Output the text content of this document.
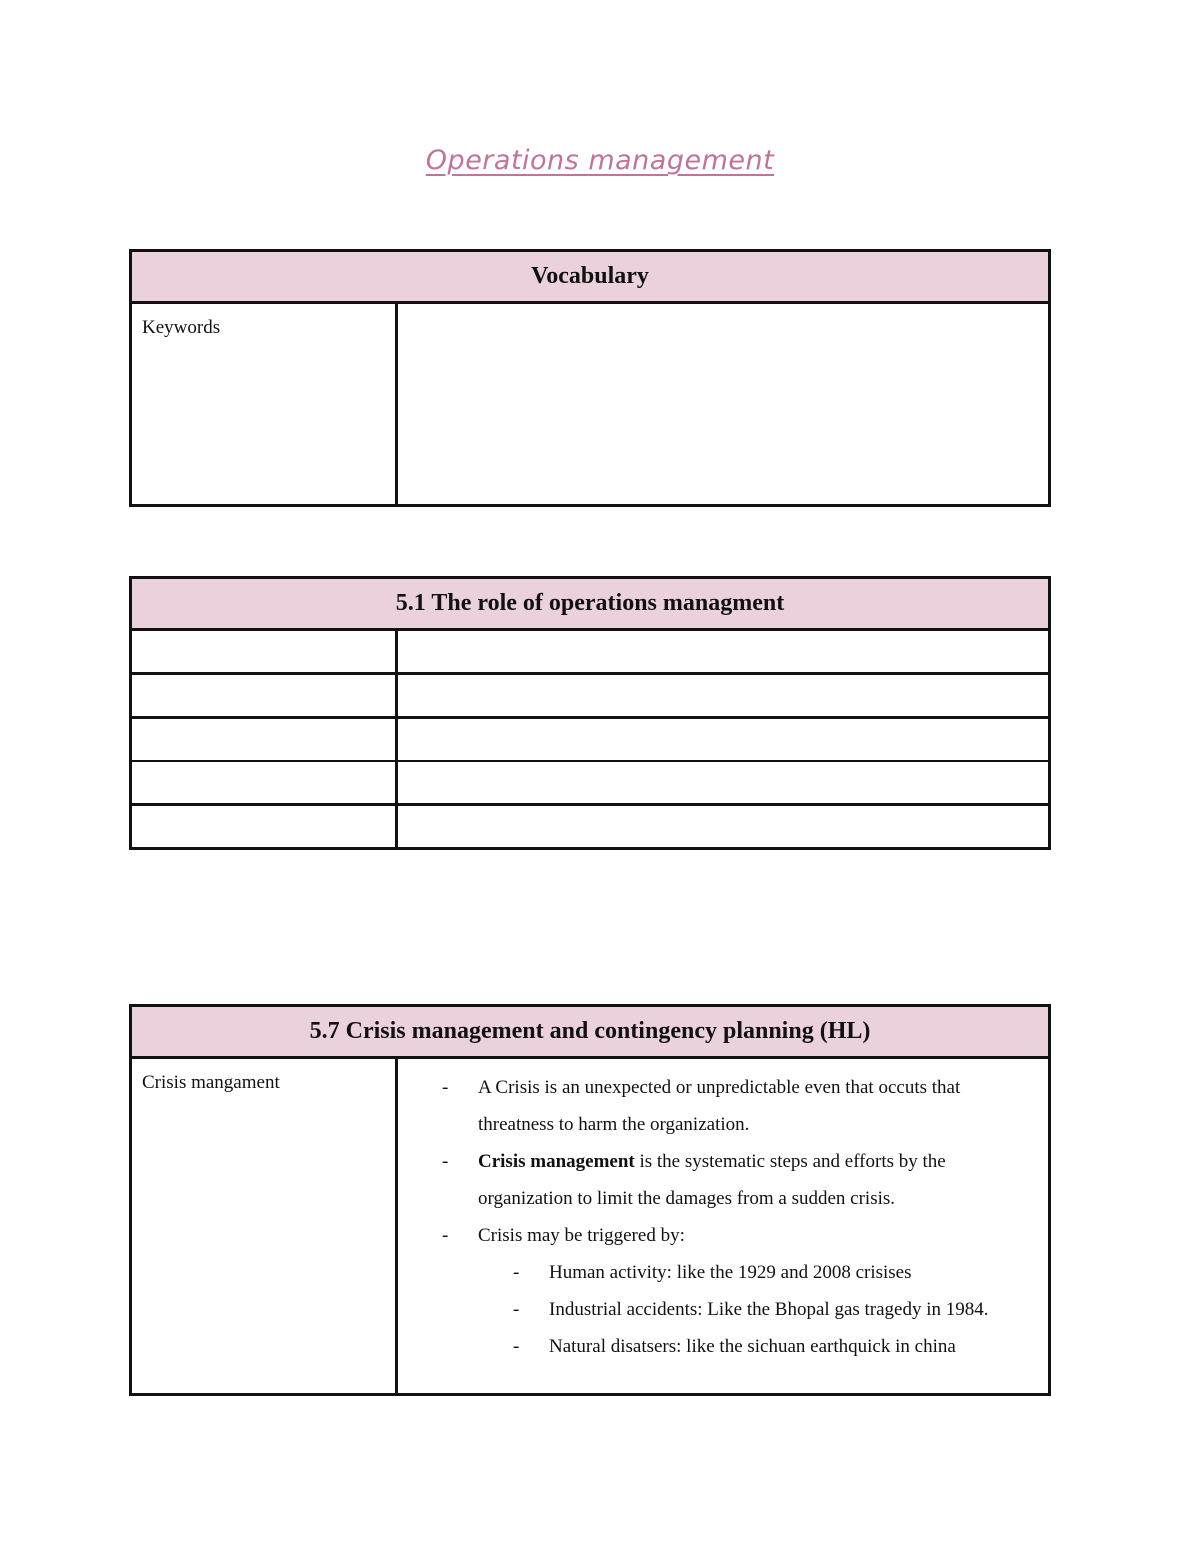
Operations management
Vocabulary

Keywords

5.1 The role of operations managment	

5.7 Crisis management and contingency planning (HL)

Crisis mangament	- A Crisis is an unexpected or unpredictable even that occuts that threatness to harm the organization.
- Crisis management is the systematic steps and efforts by the organization to limit the damages from a sudden crisis.
- Crisis may be triggered by:
- Human activity: like the 1929 and 2008 crisises
- Industrial accidents: Like the Bhopal gas tragedy in 1984.
- Natural disatsers: like the sichuan earthquick in china
